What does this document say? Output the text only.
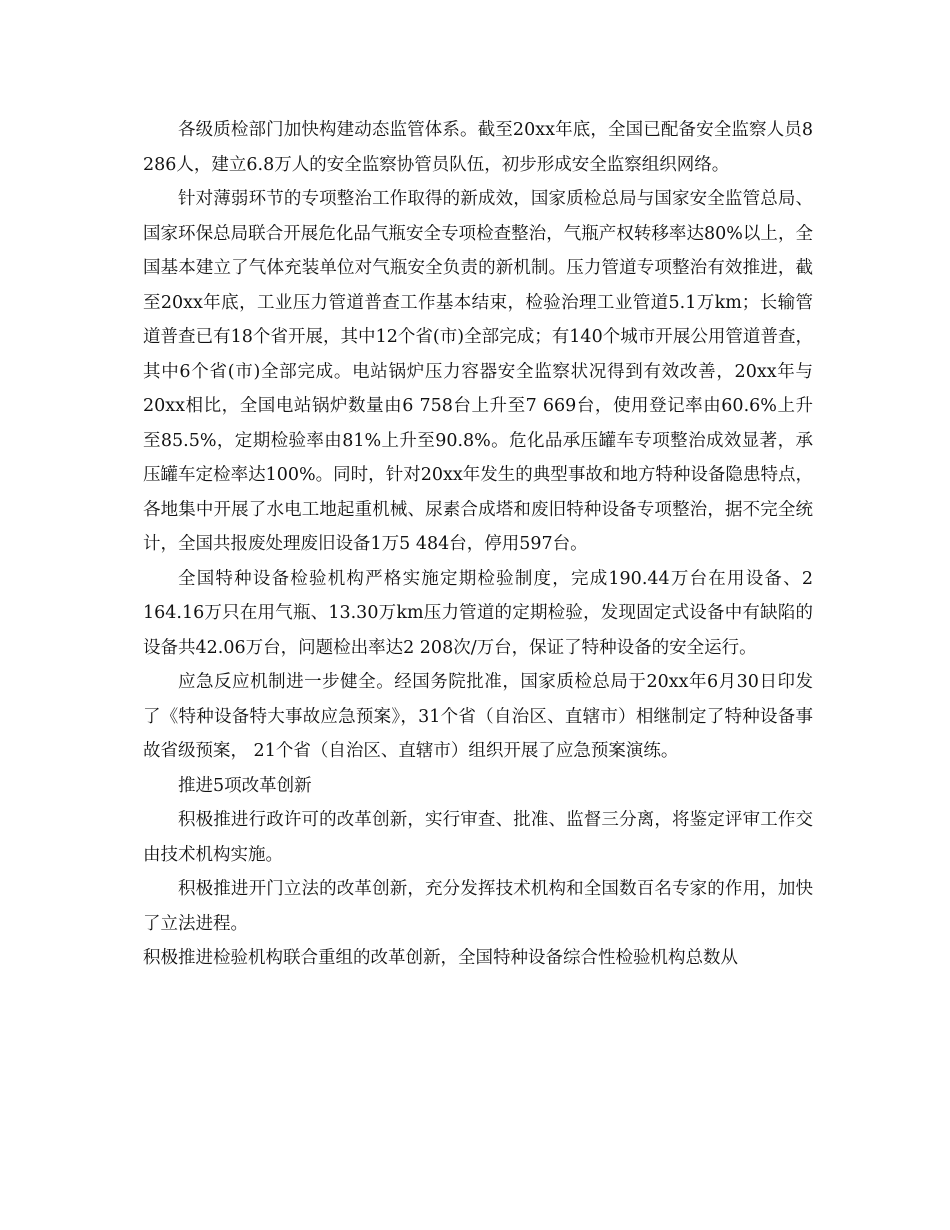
各级质检部门加快构建动态监管体系。截至20xx年底，全国已配备安全监察人员8 286人，建立6.8万人的安全监察协管员队伍，初步形成安全监察组织网络。

针对薄弱环节的专项整治工作取得的新成效，国家质检总局与国家安全监管总局、国家环保总局联合开展危化品气瓶安全专项检查整治，气瓶产权转移率达80%以上，全国基本建立了气体充装单位对气瓶安全负责的新机制。压力管道专项整治有效推进，截至20xx年底，工业压力管道普查工作基本结束，检验治理工业管道5.1万km；长输管道普查已有18个省开展，其中12个省(市)全部完成；有140个城市开展公用管道普查，其中6个省(市)全部完成。电站锅炉压力容器安全监察状况得到有效改善，20xx年与20xx相比，全国电站锅炉数量由6 758台上升至7 669台，使用登记率由60.6%上升至85.5%，定期检验率由81%上升至90.8%。危化品承压罐车专项整治成效显著，承压罐车定检率达100%。同时，针对20xx年发生的典型事故和地方特种设备隐患特点，各地集中开展了水电工地起重机械、尿素合成塔和废旧特种设备专项整治，据不完全统计，全国共报废处理废旧设备1万5 484台，停用597台。

全国特种设备检验机构严格实施定期检验制度，完成190.44万台在用设备、2 164.16万只在用气瓶、13.30万km压力管道的定期检验，发现固定式设备中有缺陷的设备共42.06万台，问题检出率达2 208次/万台，保证了特种设备的安全运行。

应急反应机制进一步健全。经国务院批准，国家质检总局于20xx年6月30日印发了《特种设备特大事故应急预案》，31个省（自治区、直辖市）相继制定了特种设备事故省级预案， 21个省（自治区、直辖市）组织开展了应急预案演练。

推进5项改革创新

积极推进行政许可的改革创新，实行审查、批准、监督三分离，将鉴定评审工作交由技术机构实施。

积极推进开门立法的改革创新，充分发挥技术机构和全国数百名专家的作用，加快了立法进程。

积极推进检验机构联合重组的改革创新，全国特种设备综合性检验机构总数从
